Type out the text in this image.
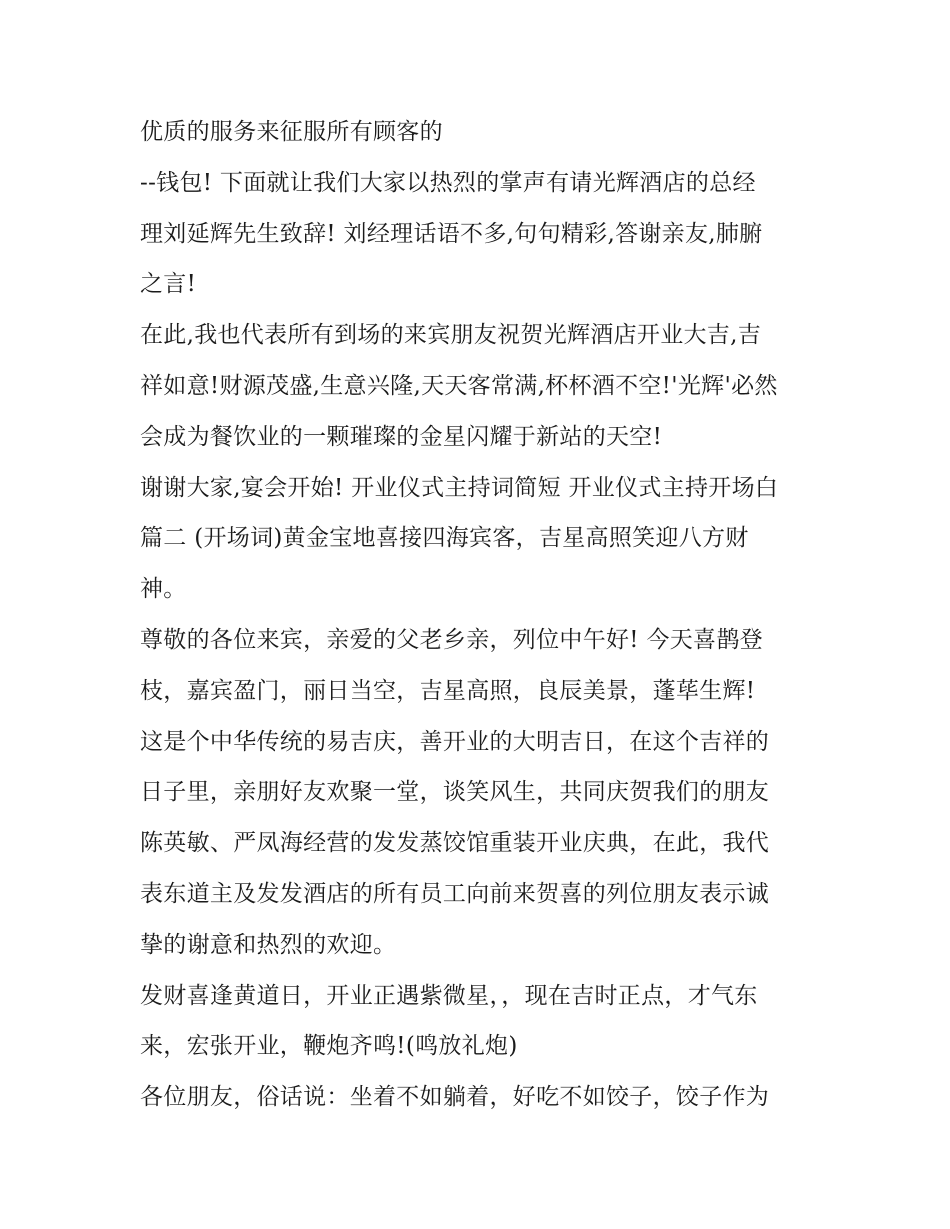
优质的服务来征服所有顾客的
--钱包! 下面就让我们大家以热烈的掌声有请光辉酒店的总经
理刘延辉先生致辞! 刘经理话语不多,句句精彩,答谢亲友,肺腑
之言!
在此,我也代表所有到场的来宾朋友祝贺光辉酒店开业大吉,吉
祥如意!财源茂盛,生意兴隆,天天客常满,杯杯酒不空!'光辉'必然
会成为餐饮业的一颗璀璨的金星闪耀于新站的天空!
谢谢大家,宴会开始! 开业仪式主持词简短 开业仪式主持开场白
篇二 (开场词)黄金宝地喜接四海宾客，吉星高照笑迎八方财
神。
尊敬的各位来宾，亲爱的父老乡亲，列位中午好! 今天喜鹊登
枝，嘉宾盈门，丽日当空，吉星高照，良辰美景，蓬荜生辉!
这是个中华传统的易吉庆，善开业的大明吉日，在这个吉祥的
日子里，亲朋好友欢聚一堂，谈笑风生，共同庆贺我们的朋友
陈英敏、严凤海经营的发发蒸饺馆重装开业庆典，在此，我代
表东道主及发发酒店的所有员工向前来贺喜的列位朋友表示诚
挚的谢意和热烈的欢迎。
发财喜逢黄道日，开业正遇紫微星，，现在吉时正点，才气东
来，宏张开业，鞭炮齐鸣!(鸣放礼炮)
各位朋友，俗话说：坐着不如躺着，好吃不如饺子，饺子作为
